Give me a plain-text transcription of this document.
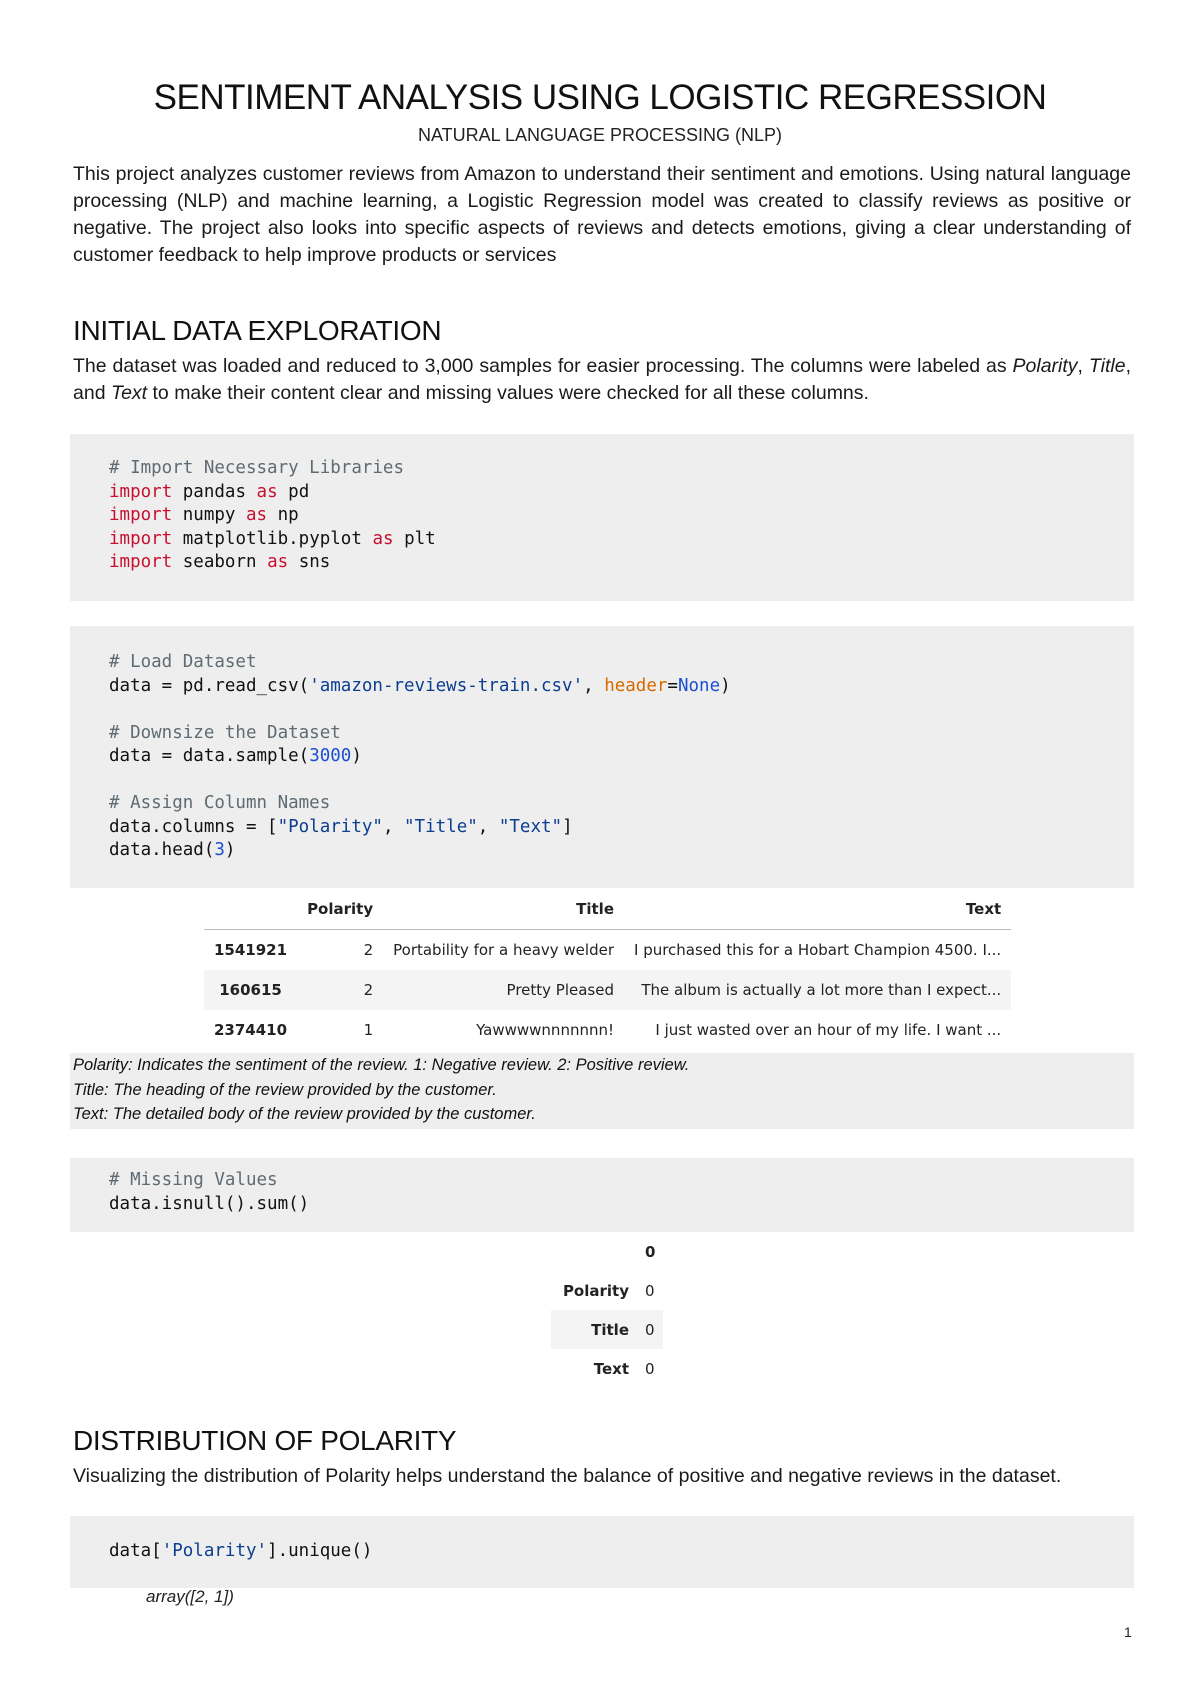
SENTIMENT ANALYSIS USING LOGISTIC REGRESSION
NATURAL LANGUAGE PROCESSING (NLP)
This project analyzes customer reviews from Amazon to understand their sentiment and emotions. Using natural language processing (NLP) and machine learning, a Logistic Regression model was created to classify reviews as positive or negative. The project also looks into specific aspects of reviews and detects emotions, giving a clear understanding of customer feedback to help improve products or services
INITIAL DATA EXPLORATION
The dataset was loaded and reduced to 3,000 samples for easier processing. The columns were labeled as Polarity, Title, and Text to make their content clear and missing values were checked for all these columns.
# Import Necessary Libraries
import pandas as pd
import numpy as np
import matplotlib.pyplot as plt
import seaborn as sns
# Load Dataset
data = pd.read_csv('amazon-reviews-train.csv', header=None)

# Downsize the Dataset
data = data.sample(3000)

# Assign Column Names
data.columns = ["Polarity", "Title", "Text"]
data.head(3)
	Polarity	Title	Text
1541921	2	Portability for a heavy welder	I purchased this for a Hobart Champion 4500. I...
160615	2	Pretty Pleased	The album is actually a lot more than I expect...
2374410	1	Yawwwwnnnnnnn!	I just wasted over an hour of my life. I want ...
Polarity: Indicates the sentiment of the review. 1: Negative review. 2: Positive review.
Title: The heading of the review provided by the customer.
Text: The detailed body of the review provided by the customer.
# Missing Values
data.isnull().sum()
	0
Polarity	0
Title	0
Text	0
DISTRIBUTION OF POLARITY
Visualizing the distribution of Polarity helps understand the balance of positive and negative reviews in the dataset.
data['Polarity'].unique()
array([2, 1])
1
